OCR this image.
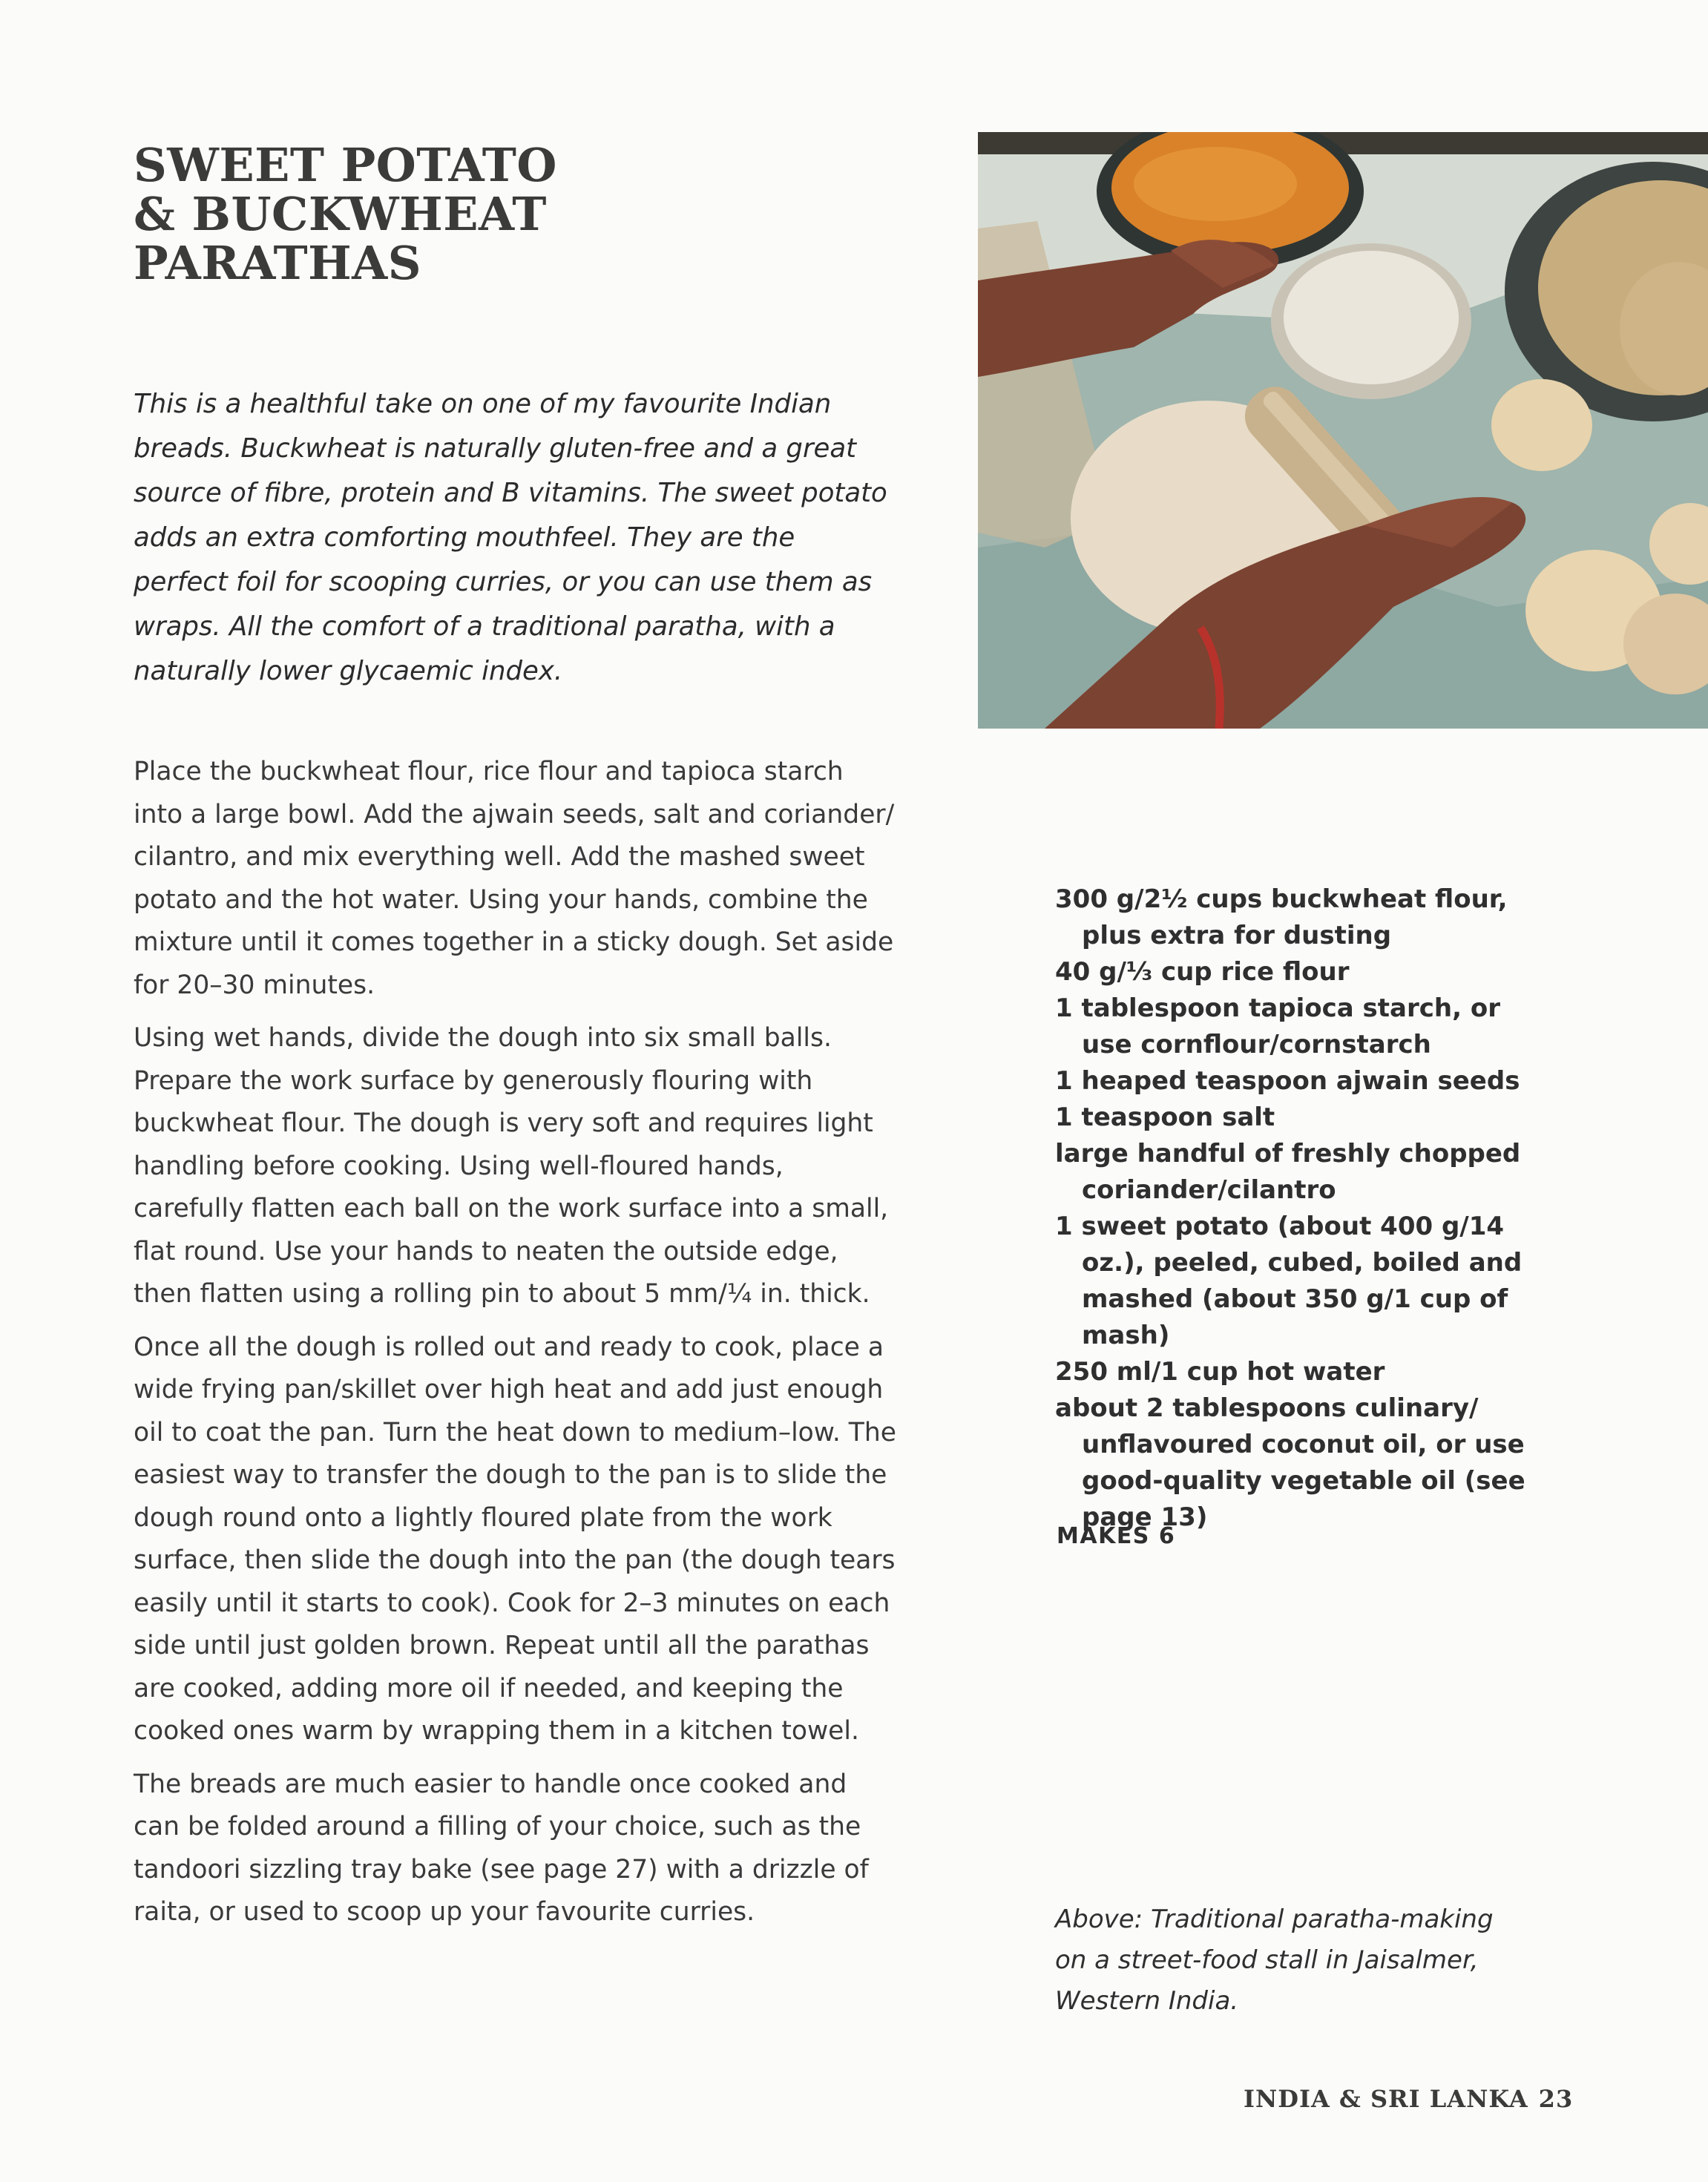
SWEET POTATO
& BUCKWHEAT
PARATHAS

This is a healthful take on one of my favourite Indian breads. Buckwheat is naturally gluten-free and a great source of fibre, protein and B vitamins. The sweet potato adds an extra comforting mouthfeel. They are the perfect foil for scooping curries, or you can use them as wraps. All the comfort of a traditional paratha, with a naturally lower glycaemic index.

Place the buckwheat flour, rice flour and tapioca starch into a large bowl. Add the ajwain seeds, salt and coriander/ cilantro, and mix everything well. Add the mashed sweet potato and the hot water. Using your hands, combine the mixture until it comes together in a sticky dough. Set aside for 20–30 minutes.

Using wet hands, divide the dough into six small balls. Prepare the work surface by generously flouring with buckwheat flour. The dough is very soft and requires light handling before cooking. Using well-floured hands, carefully flatten each ball on the work surface into a small, flat round. Use your hands to neaten the outside edge, then flatten using a rolling pin to about 5 mm/¼ in. thick.

Once all the dough is rolled out and ready to cook, place a wide frying pan/skillet over high heat and add just enough oil to coat the pan. Turn the heat down to medium–low. The easiest way to transfer the dough to the pan is to slide the dough round onto a lightly floured plate from the work surface, then slide the dough into the pan (the dough tears easily until it starts to cook). Cook for 2–3 minutes on each side until just golden brown. Repeat until all the parathas are cooked, adding more oil if needed, and keeping the cooked ones warm by wrapping them in a kitchen towel.

The breads are much easier to handle once cooked and can be folded around a filling of your choice, such as the tandoori sizzling tray bake (see page 27) with a drizzle of raita, or used to scoop up your favourite curries.

300 g/2½ cups buckwheat flour, plus extra for dusting
40 g/⅓ cup rice flour
1 tablespoon tapioca starch, or use cornflour/cornstarch
1 heaped teaspoon ajwain seeds
1 teaspoon salt
large handful of freshly chopped coriander/cilantro
1 sweet potato (about 400 g/14 oz.), peeled, cubed, boiled and mashed (about 350 g/1 cup of mash)
250 ml/1 cup hot water
about 2 tablespoons culinary/ unflavoured coconut oil, or use good-quality vegetable oil (see page 13)
MAKES 6

Above: Traditional paratha-making on a street-food stall in Jaisalmer, Western India.

INDIA & SRI LANKA 23
